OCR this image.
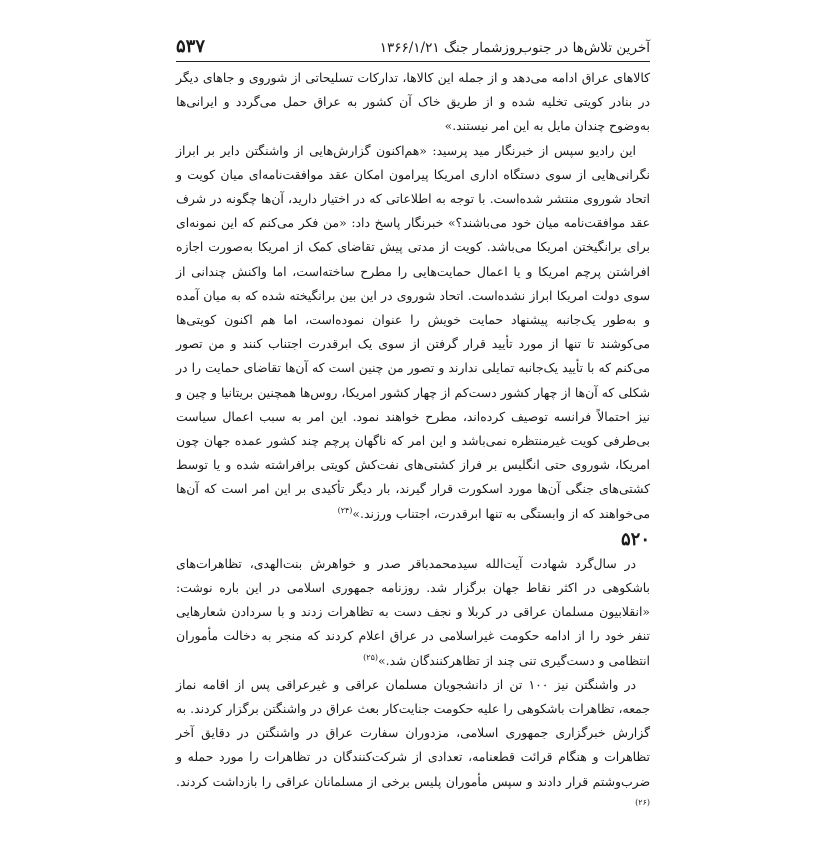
آخرین تلاش‌ها در جنوب
روزشمار جنگ ۱۳۶۶/۱/۲۱
۵۳۷

کالاهای عراق ادامه می‌دهد و از جمله این کالاها، تدارکات تسلیحاتی از شوروی و جاهای دیگر در بنادر کویتی تخلیه شده و از طریق خاک آن کشور به عراق حمل می‌گردد و ایرانی‌ها به‌وضوح چندان مایل به این امر نیستند.»

این رادیو سپس از خبرنگار مید پرسید: «هم‌اکنون گزارش‌هایی از واشنگتن دایر بر ابراز نگرانی‌هایی از سوی دستگاه اداری امریکا پیرامون امکان عقد موافقت‌نامه‌ای میان کویت و اتحاد شوروی منتشر شده‌است. با توجه به اطلاعاتی که در اختیار دارید، آن‌ها چگونه در شرف عقد موافقت‌نامه میان خود می‌باشند؟» خبرنگار پاسخ داد: «من فکر می‌کنم که این نمونه‌ای برای برانگیختن امریکا می‌باشد. کویت از مدتی پیش تقاضای کمک از امریکا به‌صورت اجازه افراشتن پرچم امریکا و یا اعمال حمایت‌هایی را مطرح ساخته‌است، اما واکنش چندانی از سوی دولت امریکا ابراز نشده‌است. اتحاد شوروی در این بین برانگیخته شده که به میان آمده و به‌طور یک‌جانبه پیشنهاد حمایت خویش را عنوان نموده‌است، اما هم اکنون کویتی‌ها می‌کوشند تا تنها از مورد تأیید قرار گرفتن از سوی یک ابرقدرت اجتناب کنند و من تصور می‌کنم که با تأیید یک‌جانبه تمایلی ندارند و تصور من چنین است که آن‌ها تقاضای حمایت را در شکلی که آن‌ها از چهار کشور دست‌کم از چهار کشور امریکا، روس‌ها همچنین بریتانیا و چین و نیز احتمالاً فرانسه توصیف کرده‌اند، مطرح خواهند نمود. این امر به سبب اعمال سیاست بی‌طرفی کویت غیرمنتظره نمی‌باشد و این امر که ناگهان پرچم چند کشور عمده جهان چون امریکا، شوروی حتی انگلیس بر فراز کشتی‌های نفت‌کش کویتی برافراشته شده و یا توسط کشتی‌های جنگی آن‌ها مورد اسکورت قرار گیرند، بار دیگر تأکیدی بر این امر است که آن‌ها می‌خواهند که از وابستگی به تنها ابرقدرت، اجتناب ورزند.»$^{(۲۴)}$

۵۲۰

در سال‌گرد شهادت آیت‌الله سیدمحمدباقر صدر و خواهرش بنت‌الهدی، تظاهرات‌های باشکوهی در اکثر نقاط جهان برگزار شد. روزنامه جمهوری اسلامی در این باره نوشت: «انقلابیون مسلمان عراقی در کربلا و نجف دست به تظاهرات زدند و با سردادن شعارهایی تنفر خود را از ادامه حکومت غیراسلامی در عراق اعلام کردند که منجر به دخالت مأموران انتظامی و دست‌گیری تنی چند از تظاهرکنندگان شد.»$^{(۲۵)}$

در واشنگتن نیز ۱۰۰ تن از دانشجویان مسلمان عراقی و غیرعراقی پس از اقامه نماز جمعه، تظاهرات باشکوهی را علیه حکومت جنایت‌کار بعث عراق در واشنگتن برگزار کردند. به گزارش خبرگزاری جمهوری اسلامی، مزدوران سفارت عراق در واشنگتن در دقایق آخر تظاهرات و هنگام قرائت قطعنامه، تعدادی از شرکت‌کنندگان در تظاهرات را مورد حمله و ضرب‌وشتم قرار دادند و سپس مأموران پلیس برخی از مسلمانان عراقی را بازداشت کردند.$^{(۲۶)}$
